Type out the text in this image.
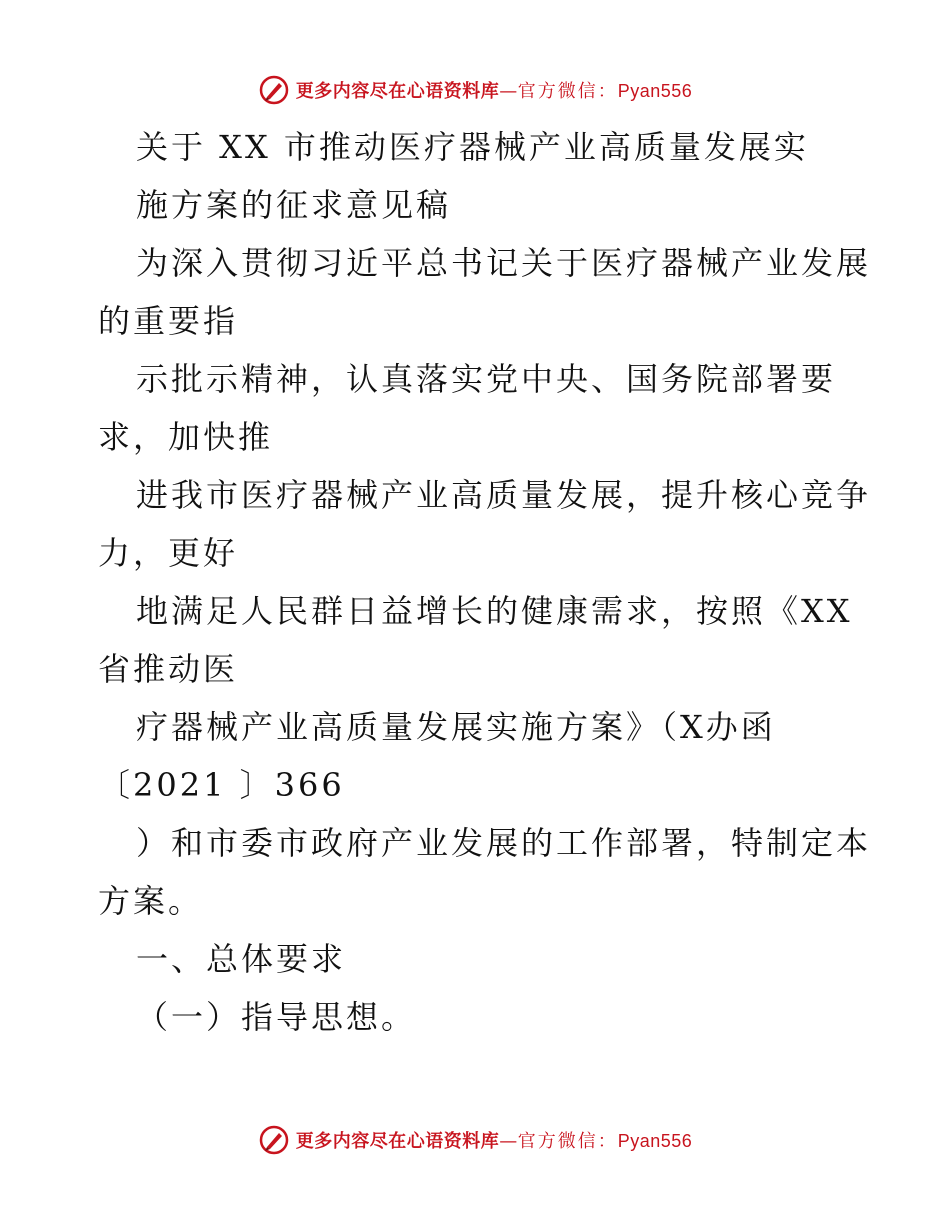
更多内容尽在心语资料库—官方微信：Pyan556
关于 XX 市推动医疗器械产业高质量发展实
施方案的征求意见稿
为深入贯彻习近平总书记关于医疗器械产业发展
的重要指
示批示精神，认真落实党中央、国务院部署要
求，加快推
进我市医疗器械产业高质量发展，提升核心竞争
力，更好
地满足人民群日益增长的健康需求，按照《XX
省推动医
疗器械产业高质量发展实施方案》（X办函
〔2021 〕366
）和市委市政府产业发展的工作部署，特制定本
方案。
一、总体要求
（一）指导思想。
更多内容尽在心语资料库—官方微信：Pyan556
